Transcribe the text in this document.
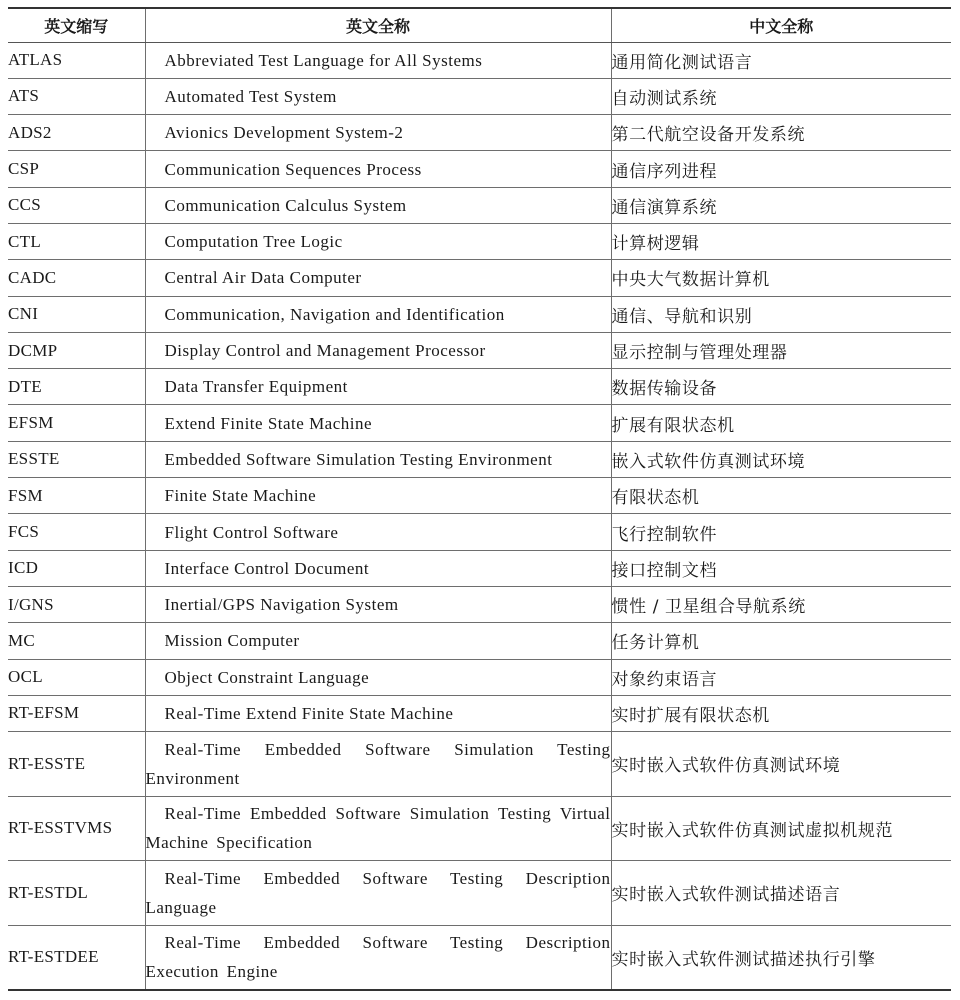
英文缩写	英文全称	中文全称
ATLAS	Abbreviated Test Language for All Systems	通用简化测试语言
ATS	Automated Test System	自动测试系统
ADS2	Avionics Development System-2	第二代航空设备开发系统
CSP	Communication Sequences Process	通信序列进程
CCS	Communication Calculus System	通信演算系统
CTL	Computation Tree Logic	计算树逻辑
CADC	Central Air Data Computer	中央大气数据计算机
CNI	Communication, Navigation and Identification	通信、导航和识别
DCMP	Display Control and Management Processor	显示控制与管理处理器
DTE	Data Transfer Equipment	数据传输设备
EFSM	Extend Finite State Machine	扩展有限状态机
ESSTE	Embedded Software Simulation Testing Environment	嵌入式软件仿真测试环境
FSM	Finite State Machine	有限状态机
FCS	Flight Control Software	飞行控制软件
ICD	Interface Control Document	接口控制文档
I/GNS	Inertial/GPS Navigation System	惯性 / 卫星组合导航系统
MC	Mission Computer	任务计算机
OCL	Object Constraint Language	对象约束语言
RT-EFSM	Real-Time Extend Finite State Machine	实时扩展有限状态机
RT-ESSTE	Real-Time Embedded Software Simulation Testing Environment	实时嵌入式软件仿真测试环境
RT-ESSTVMS	Real-Time Embedded Software Simulation Testing Virtual Machine Specification	实时嵌入式软件仿真测试虚拟机规范
RT-ESTDL	Real-Time Embedded Software Testing Description Language	实时嵌入式软件测试描述语言
RT-ESTDEE	Real-Time Embedded Software Testing Description Execution Engine	实时嵌入式软件测试描述执行引擎
